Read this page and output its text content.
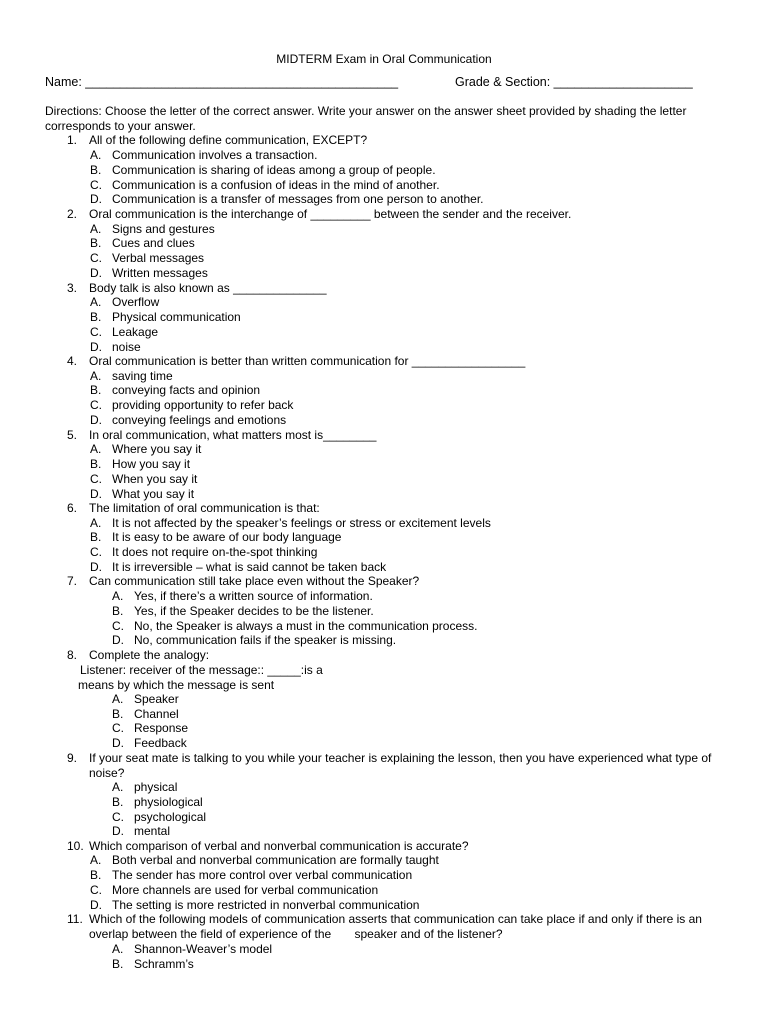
MIDTERM Exam in Oral Communication
Name: _____________________________________________	Grade & Section: ____________________
Directions: Choose the letter of the correct answer. Write your answer on the answer sheet provided by shading the letter corresponds to your answer.
1. All of the following define communication, EXCEPT?
A. Communication involves a transaction.
B. Communication is sharing of ideas among a group of people.
C. Communication is a confusion of ideas in the mind of another.
D. Communication is a transfer of messages from one person to another.
2. Oral communication is the interchange of _________ between the sender and the receiver.
A. Signs and gestures
B. Cues and clues
C. Verbal messages
D. Written messages
3. Body talk is also known as ______________
A. Overflow
B. Physical communication
C. Leakage
D. noise
4. Oral communication is better than written communication for _________________
A. saving time
B. conveying facts and opinion
C. providing opportunity to refer back
D. conveying feelings and emotions
5. In oral communication, what matters most is________
A. Where you say it
B. How you say it
C. When you say it
D. What you say it
6. The limitation of oral communication is that:
A. It is not affected by the speaker’s feelings or stress or excitement levels
B. It is easy to be aware of our body language
C. It does not require on-the-spot thinking
D. It is irreversible – what is said cannot be taken back
7. Can communication still take place even without the Speaker?
A. Yes, if there’s a written source of information.
B. Yes, if the Speaker decides to be the listener.
C. No, the Speaker is always a must in the communication process.
D. No, communication fails if the speaker is missing.
8. Complete the analogy:
Listener: receiver of the message:: _____:is a
means by which the message is sent
A. Speaker
B. Channel
C. Response
D. Feedback
9. If your seat mate is talking to you while your teacher is explaining the lesson, then you have experienced what type of noise?
A. physical
B. physiological
C. psychological
D. mental
10. Which comparison of verbal and nonverbal communication is accurate?
A. Both verbal and nonverbal communication are formally taught
B. The sender has more control over verbal communication
C. More channels are used for verbal communication
D. The setting is more restricted in nonverbal communication
11. Which of the following models of communication asserts that communication can take place if and only if there is an overlap between the field of experience of the       speaker and of the listener?
A. Shannon-Weaver’s model
B. Schramm’s
